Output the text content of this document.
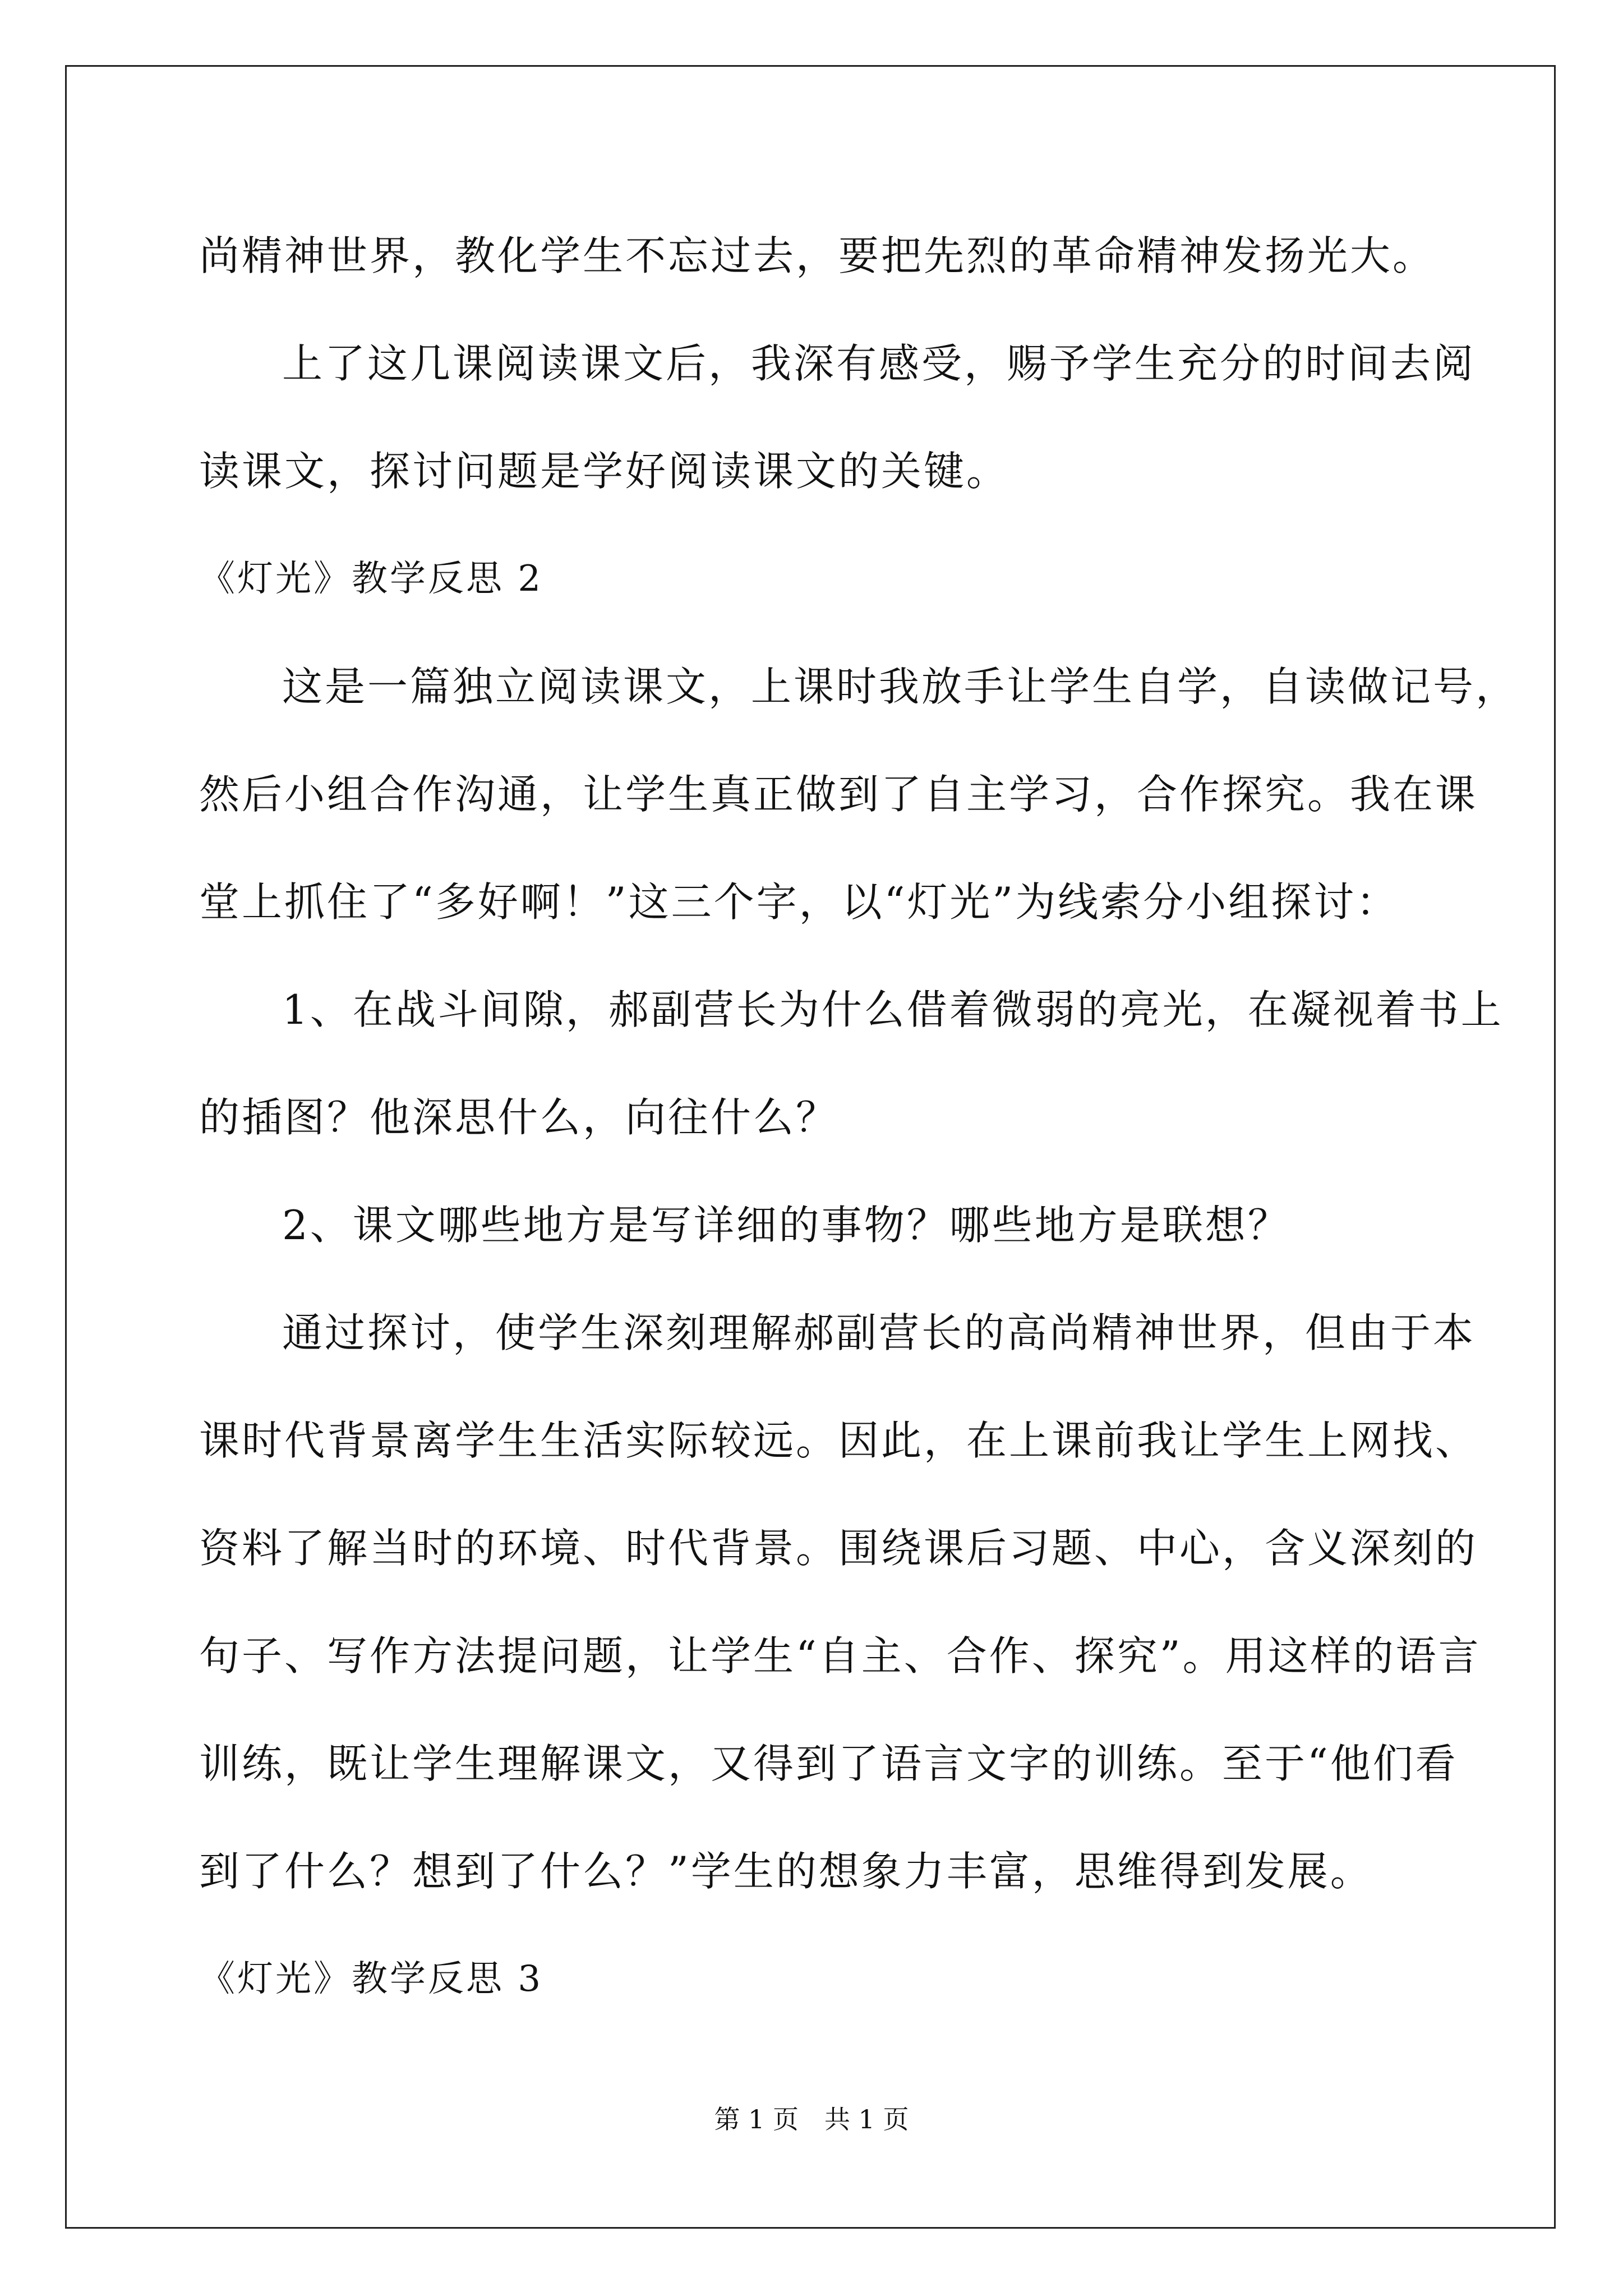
尚精神世界，教化学生不忘过去，要把先烈的革命精神发扬光大。

上了这几课阅读课文后，我深有感受，赐予学生充分的时间去阅

读课文，探讨问题是学好阅读课文的关键。

《灯光》教学反思 2

这是一篇独立阅读课文，上课时我放手让学生自学，自读做记号，

然后小组合作沟通，让学生真正做到了自主学习，合作探究。我在课

堂上抓住了“多好啊！”这三个字，以“灯光”为线索分小组探讨：

1、在战斗间隙，郝副营长为什么借着微弱的亮光，在凝视着书上

的插图？他深思什么，向往什么？

2、课文哪些地方是写详细的事物？哪些地方是联想？

通过探讨，使学生深刻理解郝副营长的高尚精神世界，但由于本

课时代背景离学生生活实际较远。因此，在上课前我让学生上网找、

资料了解当时的环境、时代背景。围绕课后习题、中心，含义深刻的

句子、写作方法提问题，让学生“自主、合作、探究”。用这样的语言

训练，既让学生理解课文，又得到了语言文字的训练。至于“他们看

到了什么？想到了什么？”学生的想象力丰富，思维得到发展。

《灯光》教学反思 3

第 1 页　共 1 页
